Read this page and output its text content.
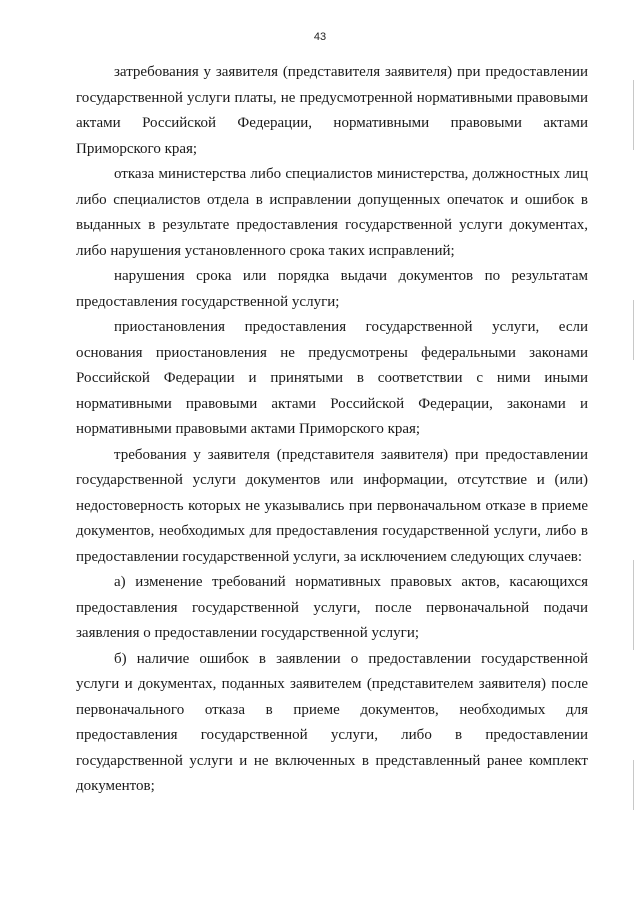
43

затребования у заявителя (представителя заявителя) при предоставлении государственной услуги платы, не предусмотренной нормативными правовыми актами Российской Федерации, нормативными правовыми актами Приморского края;

отказа министерства либо специалистов министерства, должностных лиц либо специалистов отдела в исправлении допущенных опечаток и ошибок в выданных в результате предоставления государственной услуги документах, либо нарушения установленного срока таких исправлений;

нарушения срока или порядка выдачи документов по результатам предоставления государственной услуги;

приостановления предоставления государственной услуги, если основания приостановления не предусмотрены федеральными законами Российской Федерации и принятыми в соответствии с ними иными нормативными правовыми актами Российской Федерации, законами и нормативными правовыми актами Приморского края;

требования у заявителя (представителя заявителя) при предоставлении государственной услуги документов или информации, отсутствие и (или) недостоверность которых не указывались при первоначальном отказе в приеме документов, необходимых для предоставления государственной услуги, либо в предоставлении государственной услуги, за исключением следующих случаев:

а) изменение требований нормативных правовых актов, касающихся предоставления государственной услуги, после первоначальной подачи заявления о предоставлении государственной услуги;

б) наличие ошибок в заявлении о предоставлении государственной услуги и документах, поданных заявителем (представителем заявителя) после первоначального отказа в приеме документов, необходимых для предоставления государственной услуги, либо в предоставлении государственной услуги и не включенных в представленный ранее комплект документов;
